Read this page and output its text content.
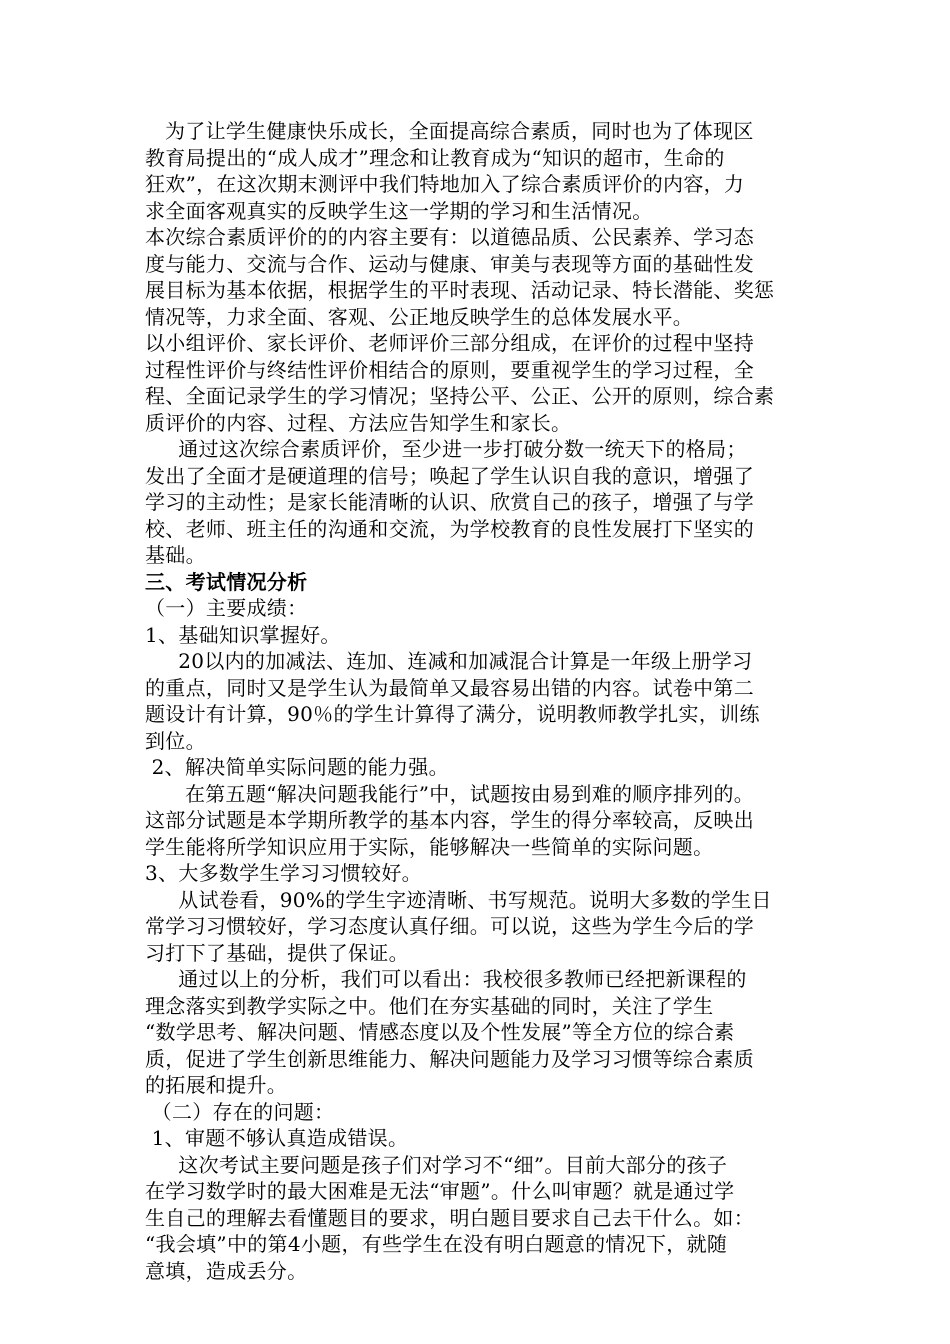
为了让学生健康快乐成长，全面提高综合素质，同时也为了体现区
教育局提出的“成人成才”理念和让教育成为“知识的超市，生命的
狂欢”，在这次期末测评中我们特地加入了综合素质评价的内容，力
求全面客观真实的反映学生这一学期的学习和生活情况。
本次综合素质评价的的内容主要有：以道德品质、公民素养、学习态
度与能力、交流与合作、运动与健康、审美与表现等方面的基础性发
展目标为基本依据，根据学生的平时表现、活动记录、特长潜能、奖惩
情况等，力求全面、客观、公正地反映学生的总体发展水平。
以小组评价、家长评价、老师评价三部分组成，在评价的过程中坚持
过程性评价与终结性评价相结合的原则，要重视学生的学习过程，全
程、全面记录学生的学习情况；坚持公平、公正、公开的原则，综合素
质评价的内容、过程、方法应告知学生和家长。
通过这次综合素质评价，至少进一步打破分数一统天下的格局；
发出了全面才是硬道理的信号；唤起了学生认识自我的意识，增强了
学习的主动性；是家长能清晰的认识、欣赏自己的孩子，增强了与学
校、老师、班主任的沟通和交流，为学校教育的良性发展打下坚实的
基础。
三、考试情况分析
（一）主要成绩：
1、基础知识掌握好。
20以内的加减法、连加、连减和加减混合计算是一年级上册学习
的重点，同时又是学生认为最简单又最容易出错的内容。试卷中第二
题设计有计算，90％的学生计算得了满分，说明教师教学扎实，训练
到位。
2、解决简单实际问题的能力强。
在第五题“解决问题我能行”中，试题按由易到难的顺序排列的。
这部分试题是本学期所教学的基本内容，学生的得分率较高，反映出
学生能将所学知识应用于实际，能够解决一些简单的实际问题。
3、大多数学生学习习惯较好。
从试卷看，90%的学生字迹清晰、书写规范。说明大多数的学生日
常学习习惯较好，学习态度认真仔细。可以说，这些为学生今后的学
习打下了基础，提供了保证。
通过以上的分析，我们可以看出：我校很多教师已经把新课程的
理念落实到教学实际之中。他们在夯实基础的同时，关注了学生
“数学思考、解决问题、情感态度以及个性发展”等全方位的综合素
质，促进了学生创新思维能力、解决问题能力及学习习惯等综合素质
的拓展和提升。
（二）存在的问题：
1、审题不够认真造成错误。
这次考试主要问题是孩子们对学习不“细”。目前大部分的孩子
在学习数学时的最大困难是无法“审题”。什么叫审题？就是通过学
生自己的理解去看懂题目的要求，明白题目要求自己去干什么。如：
“我会填”中的第4小题，有些学生在没有明白题意的情况下，就随
意填，造成丢分。
